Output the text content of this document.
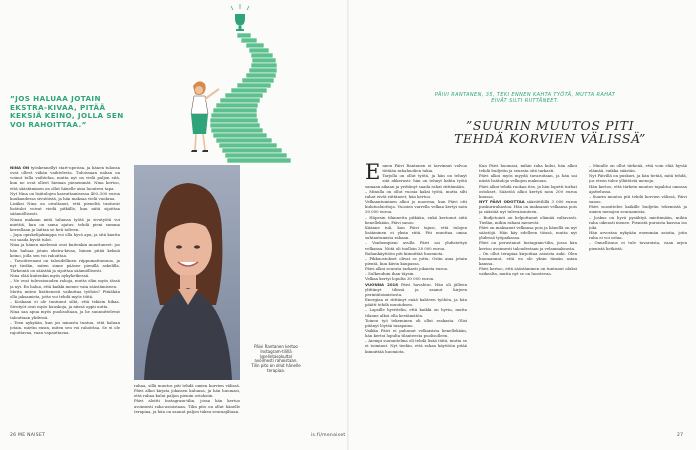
”JOS HALUAA JOTAIN EKSTRA-KIVAA, PITÄÄ KEKSIÄ KEINO, JOLLA SEN VOI RAHOITTAA.”
Päivi Rantanen kertoo Instagram-tilillä (@elintasokulta) avoimesti rahoistaan. Tilin pito on ollut hänelle terapiaa.

NINA ON työskennellyt start-upeissa, ja hänen tulonsa ovat olleet vähän vaihtelevia. Tuloissaan nahan on voinut tulla vaihtelua, mutta nyt on vielä paljon sitä, kun ne ovat olleet hieman pienemmät. Nina kertoo, että säästäminen on ollut hänelle aina luonteva tapa.

Nyt Nina on lisätulojen kasvattamisessa 400–500 euroa kuukaudessa sivutöistä, ja hän maksaa vielä vuokraa.

Lisäksi Nina on oivaltanut, että pieneltä tuntuvat lisätulot voivat viedä pitkälle, kun niitä sijoittaa säännöllisesti.

Ninan mukaan mitä tahansa työtä ja sivutyötä voi miettiä, kun on sama ajatus: tehdä pieni summa kerrallaan ja laittaa se heti talteen.

– Jopa opiskelijakimppa voi olla hyvä apu, ja sitä kautta voi saada hyvät tulot.

Nina ja hänen mielensä ovat kuitenkin muuttuneet: jos hän haluaa jotain ekstra-kivaa, hänen pitää keksiä keino, jolla sen voi rahoittaa.

– Tavoitteenani on taloudellinen riippumattomuus, ja nyt tiedän, miten sinne pääsee pienillä askelilla. Tärkeintä on säästää ja sijoittaa säännöllisesti.

Nina elää kuitenkin myös nykyhetkessä.

– Ne ovat tulevaisuuden rahoja, mutta elän myös tässä ja nyt. En halua, että kaikki menee vain säästämiseen.

Mutta miten lisätienesti vaikuttaa työhön? Pitäähän olla jaksamista, jotta voi tehdä myös töitä.

– Koskaan ei ole tuntunut siltä, että tekisin liikaa. Sivutyöt ovat myös hauskoja, ja niissä oppii uutta.

Nina saa apua myös puolisoltaan, ja he suunnittelevat talouttaan yhdessä.

– Teen nykyään, kun jos minusta tuntuu, että haluan jotain, mietin ensin, miten sen voi rahoittaa. Se ei ole rajoittavaa, vaan vapauttavaa.

rahaa, sillä muutos piti tehdä omien korvien välissä. Päivi alkoi kirjata jokaisen kulunsa, ja hän huomasi, että rahaa kului paljon pieniin ostoksiin.

Päivi aloitti Instagram-tilin, jossa hän kertoo avoimesti raha-asioistaan. Tilin pito on ollut hänelle terapiaa, ja hän on saanut paljon tukea seuraajiltaan.

PÄIVI RANTANEN, 35, TEKI ENNEN KAHTA TYÖTÄ, MUTTA RAHAT EIVÄT SILTI RIITTÄNEET.
”SUURIN MUUTOS PITI TEHDÄ KORVIEN VÄLISSÄ”

Ennen Päivi Rantanen ei tarvinnut valvoa töitään rahahuolien takia.

Tarjolla on ollut työtä, ja hän on tehnyt sitä ahkerasti: hän on tehnyt kahta työtä samaan aikaan ja yrittänyt saada rahat riittämään.

– Minulla on ollut vuosia kaksi työtä, mutta silti rahat eivät riittäneet, hän kertoo.

Velkaantuminen alkoi jo nuorena, kun Päivi otti kulutusluottoja. Vuosien varrella velkaa kertyi noin 30 000 euroa.

– Häpesin tilannetta pitkään, enkä kertonut siitä kenellekään, Päivi sanoo.

Käänne tuli, kun Päivi tajusi, että tulojen lisääminen ei yksin riitä. Piti muuttaa omaa suhtautumista rahaan.

– Vanhempieni avulla Päivi sai yhdistettyä velkansa. Niitä oli tuolloin 28 000 euroa.

Rahankäyttöön piti kiinnittää huomiota.

– Pikkuostokset olivat se juttu. Ostin aina jotain pientä, kun kävin kaupassa.

Päivi alkoi seurata tarkasti jokaista euroa.

– Sulkeuduin ihan täysin.

Velkaa kertyi lopulta 30 000 euroa.

VUONNA 2018 Päivi havahtui. Hän oli jälleen ylittänyt tilinsä ja saanut kirjeen perintätoimistosta.

Energiaa ei riittänyt enää kahteen työhön, ja hän päätti tehdä muutoksen.

– Lapsille hyvittelin, että kaikki on hyvin, mutta tilanne alkoi olla kestämätön.

Toinen työ tekeminen oli ollut raskasta. Olisi pitänyt löytää tasapaino.

Vaikka Päivi ei puhunut velkaisista kenellekään, hän kertoi lopulta tilanteesta puolisolleen.

– Aiempi suunnitelma oli tehdä lisää töitä, mutta se ei toiminut. Nyt tiedän, että rahan käyttöön pitää kiinnittää huomiota.

Kun Päivi huomasi, mihin raha kului, hän alkoi tehdä budjetin ja seurata sitä tarkasti.

Päivi alkoi myös myydä tavaroitaan, ja hän sai niistä lisätuloja velkojen maksuun.

Päivi alkoi tehdä ruokaa itse, ja hän lopetti turhat ostokset. Säästöä alkoi kertyä noin 200 euroa kuussa.

NYT PÄIVI ODOTTAA säästötilillä 3 000 euroa puskurirahastoa. Hän on maksanut velkansa pois ja säästää nyt tulevaisuuteen.

– Budjetointi on helpottanut elämää valtavasti. Tiedän, mihin rahani menevät.

Päivi on maksanut velkansa pois ja hänellä on nyt säästöjä. Hän käy edelleen töissä, mutta nyt yhdessä työpaikassa.

Päivi on perustanut Instagram-tilin, jossa hän kertoo avoimesti taloudestaan ja velanmaksusta.

– On ollut terapiaa kirjoittaa asioista auki. Olen huomannut, että en ole yksin tämän asian kanssa.

Päivi kertoo, että säästäminen on tuntunut aluksi vaikealta, mutta nyt se on luontevaa.

– Minulle on ollut tärkeää, että voin elää hyvää elämää, vaikka säästän.

Nyt Päivillä on puskuri, ja hän tietää, mitä tehdä, jos eteen tulee yllättäviä menoja.

Hän kertoo, että tärkein muutos tapahtui omassa ajattelussa.

– Suurin muutos piti tehdä korvien välissä, Päivi sanoo.

Päivi suosittelee kaikille budjetin tekemistä ja omien menojen seuraamista.

– Joskus on hyvä pysähtyä miettimään, mihin raha oikeasti menee. Pienistä puroista kasvaa iso joki.

Hän arvostaa nykyään enemmän asioita, joita raha ei voi ostaa.

– Onnellisuus ei tule tavaroista, vaan arjen pienistä hetkistä.

26 ME NAISET	is.fi/menaiset	27
